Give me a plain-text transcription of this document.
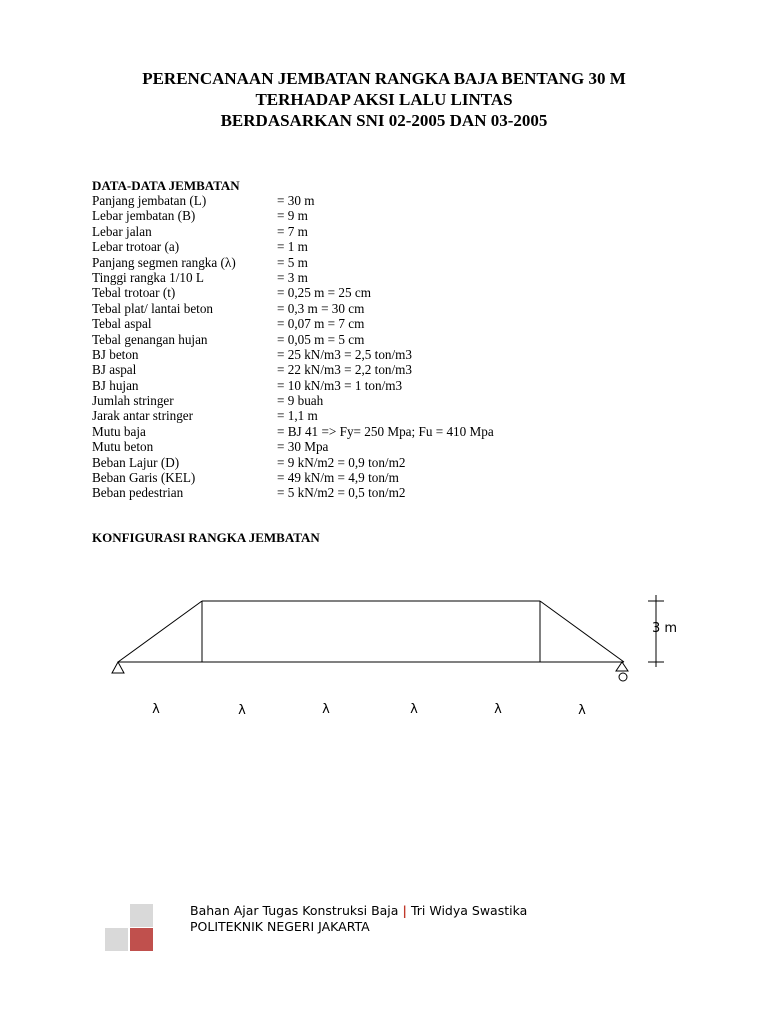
PERENCANAAN JEMBATAN RANGKA BAJA BENTANG 30 M
TERHADAP AKSI LALU LINTAS
BERDASARKAN SNI 02-2005 DAN 03-2005
DATA-DATA JEMBATAN
Panjang jembatan (L)	= 30 m
Lebar jembatan (B)	= 9 m
Lebar jalan	= 7 m
Lebar trotoar (a)	= 1 m
Panjang segmen rangka (λ)	= 5 m
Tinggi rangka 1/10 L	= 3 m
Tebal trotoar (t)	= 0,25 m = 25 cm
Tebal plat/ lantai beton	= 0,3 m = 30 cm
Tebal aspal	= 0,07 m = 7 cm
Tebal genangan hujan	= 0,05 m = 5 cm
BJ beton	= 25 kN/m3 = 2,5 ton/m3
BJ aspal	= 22 kN/m3 = 2,2 ton/m3
BJ hujan	= 10 kN/m3 = 1 ton/m3
Jumlah stringer	= 9 buah
Jarak antar stringer	= 1,1 m
Mutu baja	= BJ 41 => Fy= 250 Mpa; Fu = 410 Mpa
Mutu beton	= 30 Mpa
Beban Lajur (D)	= 9 kN/m2 = 0,9 ton/m2
Beban Garis (KEL)	= 49 kN/m = 4,9 ton/m
Beban pedestrian	= 5 kN/m2 = 0,5 ton/m2
KONFIGURASI RANGKA JEMBATAN
3 m
λ	λ	λ	λ	λ	λ
Bahan Ajar Tugas Konstruksi Baja | Tri Widya Swastika
POLITEKNIK NEGERI JAKARTA
